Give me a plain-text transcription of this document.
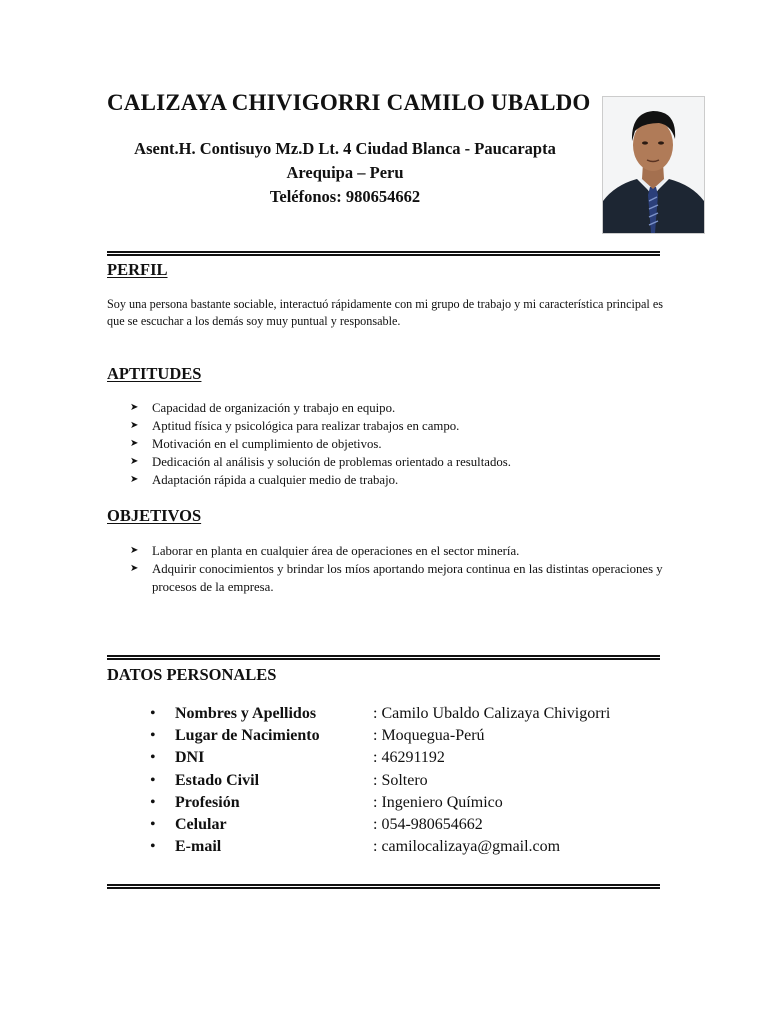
CALIZAYA CHIVIGORRI CAMILO UBALDO
Asent.H. Contisuyo Mz.D Lt. 4 Ciudad Blanca - Paucarapta
Arequipa – Peru
Teléfonos: 980654662
PERFIL

Soy una persona bastante sociable, interactuó rápidamente con mi grupo de trabajo y mi característica principal es que se escuchar a los demás soy muy puntual y responsable.

APTITUDES
➤ Capacidad de organización y trabajo en equipo.
➤ Aptitud física y psicológica para realizar trabajos en campo.
➤ Motivación en el cumplimiento de objetivos.
➤ Dedicación al análisis y solución de problemas orientado a resultados.
➤ Adaptación rápida a cualquier medio de trabajo.
OBJETIVOS
➤ Laborar en planta en cualquier área de operaciones en el sector minería.
➤ Adquirir conocimientos y brindar los míos aportando mejora continua en las distintas operaciones y procesos de la empresa.
DATOS PERSONALES
• Nombres y Apellidos	: Camilo Ubaldo Calizaya Chivigorri
• Lugar de Nacimiento	: Moquegua-Perú
• DNI	: 46291192
• Estado Civil	: Soltero
• Profesión	: Ingeniero Químico
• Celular	: 054-980654662
• E-mail	: camilocalizaya@gmail.com
